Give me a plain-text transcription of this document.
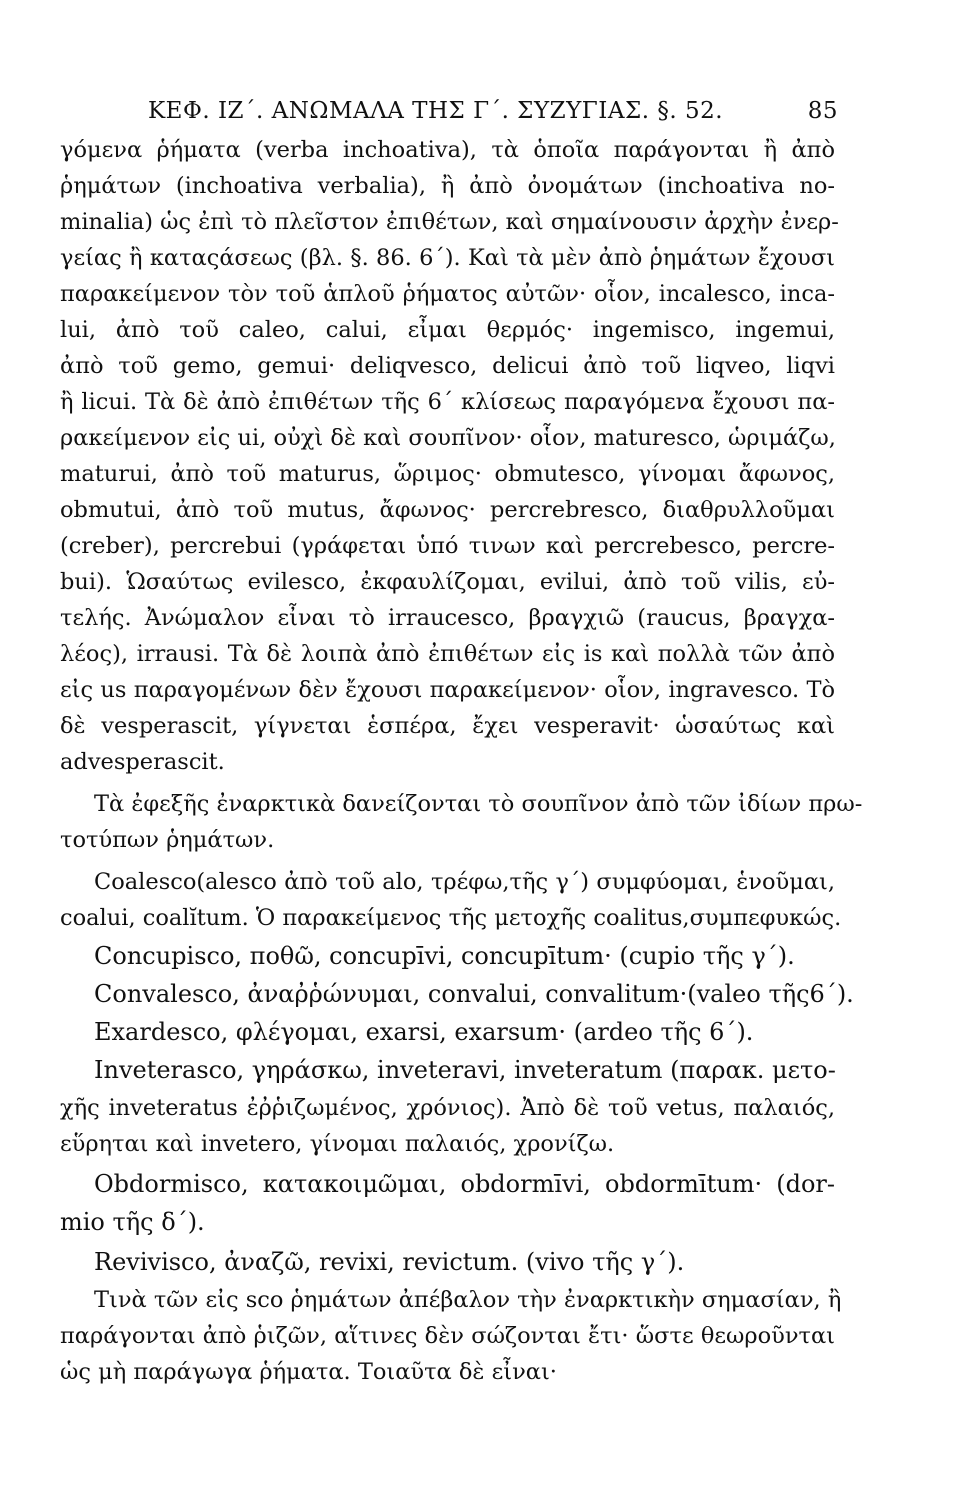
ΚΕΦ. ΙΖ΄. ΑΝΩΜΑΛΑ ΤΗΣ Γ΄. ΣΥΖΥΓΙΑΣ. §. 52.	85
γόμενα ῥήματα (verba inchoativa), τὰ ὁποῖα παράγονται ἢ ἀπὸ
ῥημάτων (inchoativa verbalia), ἢ ἀπὸ ὀνομάτων (inchoativa no-
minalia) ὡς ἐπὶ τὸ πλεῖστον ἐπιθέτων, καὶ σημαίνουσιν ἀρχὴν ἐνερ-
γείας ἢ καταςάσεως (βλ. §. 86. 6΄). Καὶ τὰ μὲν ἀπὸ ῥημάτων ἔχουσι
παρακείμενον τὸν τοῦ ἁπλοῦ ῥήματος αὐτῶν· οἷον, incalesco, inca-
lui, ἀπὸ τοῦ caleo, calui, εἶμαι θερμός· ingemisco, ingemui,
ἀπὸ τοῦ gemo, gemui· deliqvesco, delicui ἀπὸ τοῦ liqveo, liqvi
ἢ licui. Τὰ δὲ ἀπὸ ἐπιθέτων τῆς 6΄ κλίσεως παραγόμενα ἔχουσι πα-
ρακείμενον εἰς ui, οὐχὶ δὲ καὶ σουπῖνον· οἷον, maturesco, ὡριμάζω,
maturui, ἀπὸ τοῦ maturus, ὥριμος· obmutesco, γίνομαι ἄφωνος,
obmutui, ἀπὸ τοῦ mutus, ἄφωνος· percrebresco, διαθρυλλοῦμαι
(creber), percrebui (γράφεται ὑπό τινων καὶ percrebesco, percre-
bui). Ὡσαύτως evilesco, ἐκφαυλίζομαι, evilui, ἀπὸ τοῦ vilis, εὐ-
τελής. Ἀνώμαλον εἶναι τὸ irraucesco, βραγχιῶ (raucus, βραγχα-
λέος), irrausi. Τὰ δὲ λοιπὰ ἀπὸ ἐπιθέτων εἰς is καὶ πολλὰ τῶν ἀπὸ
εἰς us παραγομένων δὲν ἔχουσι παρακείμενον· οἷον, ingravesco. Τὸ
δὲ vesperascit, γίγνεται ἑσπέρα, ἔχει vesperavit· ὡσαύτως καὶ
advesperascit.
Τὰ ἐφεξῆς ἐναρκτικὰ δανείζονται τὸ σουπῖνον ἀπὸ τῶν ἰδίων πρω-
τοτύπων ῥημάτων.
Coalesco(alesco ἀπὸ τοῦ alo, τρέφω,τῆς γ΄) συμφύομαι, ἑνοῦμαι,
coalui, coalĭtum. Ὁ παρακείμενος τῆς μετοχῆς coalitus,συμπεφυκώς.
Concupisco, ποθῶ, concupīvi, concupītum· (cupio τῆς γ΄).
Convalesco, ἀναῤῥώνυμαι, convalui, convalitum·(valeo τῆς6΄).
Exardesco, φλέγομαι, exarsi, exarsum· (ardeo τῆς 6΄).
Inveterasco, γηράσκω, inveteravi, inveteratum (παρακ. μετο-
χῆς inveteratus ἐῤῥιζωμένος, χρόνιος). Ἀπὸ δὲ τοῦ vetus, παλαιός,
εὕρηται καὶ invetero, γίνομαι παλαιός, χρονίζω.
Obdormisco, κατακοιμῶμαι, obdormīvi, obdormītum· (dor-
mio τῆς δ΄).
Revivisco, ἀναζῶ, revixi, revictum. (vivo τῆς γ΄).
Τινὰ τῶν εἰς sco ῥημάτων ἀπέβαλον τὴν ἐναρκτικὴν σημασίαν, ἢ
παράγονται ἀπὸ ῥιζῶν, αἵτινες δὲν σώζονται ἔτι· ὥστε θεωροῦνται
ὡς μὴ παράγωγα ῥήματα. Τοιαῦτα δὲ εἶναι·
